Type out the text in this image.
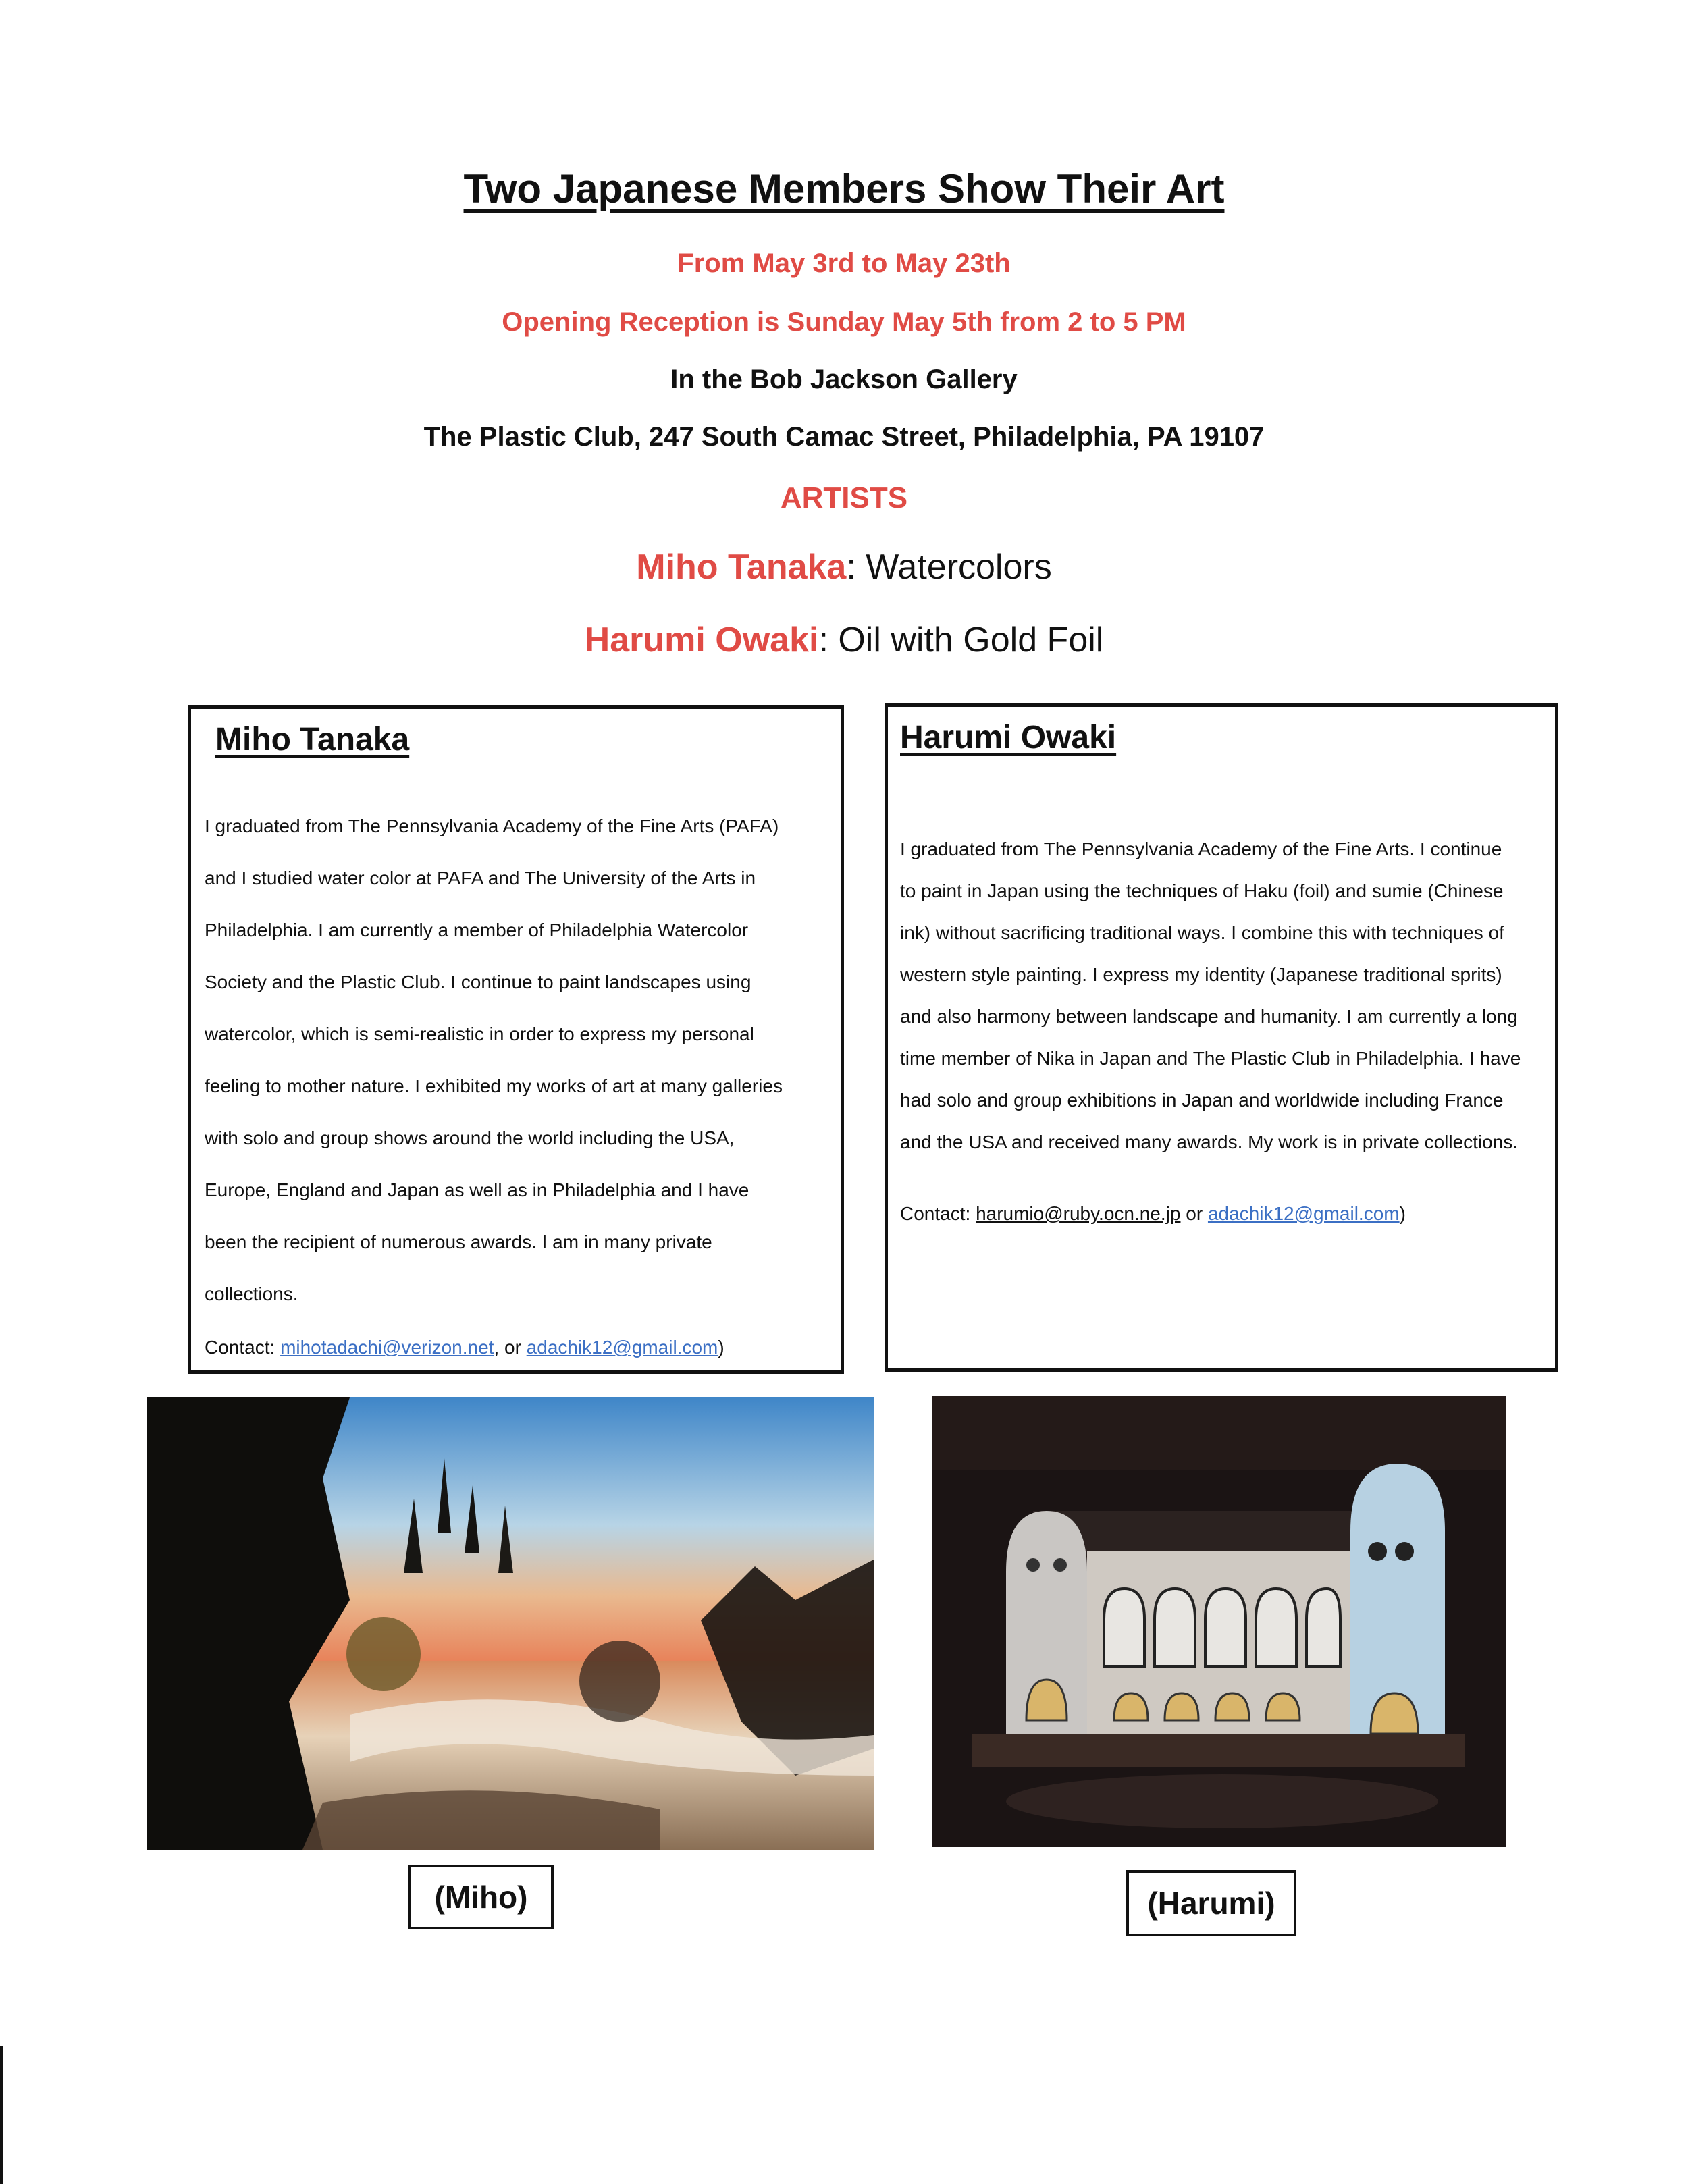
Two Japanese Members Show Their Art
From May 3rd to May 23th
Opening Reception is Sunday May 5th from 2 to 5 PM
In the Bob Jackson Gallery
The Plastic Club, 247 South Camac Street, Philadelphia, PA 19107
ARTISTS
Miho Tanaka: Watercolors
Harumi Owaki: Oil with Gold Foil
Miho Tanaka

I graduated from The Pennsylvania Academy of the Fine Arts (PAFA)

and I studied water color at PAFA and The University of the Arts in

Philadelphia. I am currently a member of Philadelphia Watercolor

Society and the Plastic Club. I continue to paint landscapes using

watercolor, which is semi-realistic in order to express my personal

feeling to mother nature. I exhibited my works of art at many galleries

with solo and group shows around the world including the USA,

Europe, England and Japan as well as in Philadelphia and I have

been the recipient of numerous awards. I am in many private

collections.

Contact: mihotadachi@verizon.net, or adachik12@gmail.com)
Harumi Owaki

I graduated from The Pennsylvania Academy of the Fine Arts. I continue

to paint in Japan using the techniques of Haku (foil) and sumie (Chinese

ink) without sacrificing traditional ways. I combine this with techniques of

western style painting. I express my identity (Japanese traditional sprits)

and also harmony between landscape and humanity. I am currently a long

time member of Nika in Japan and The Plastic Club in Philadelphia. I have

had solo and group exhibitions in Japan and worldwide including France

and the USA and received many awards. My work is in private collections.

Contact: harumio@ruby.ocn.ne.jp or adachik12@gmail.com)
(Miho)	(Harumi)
